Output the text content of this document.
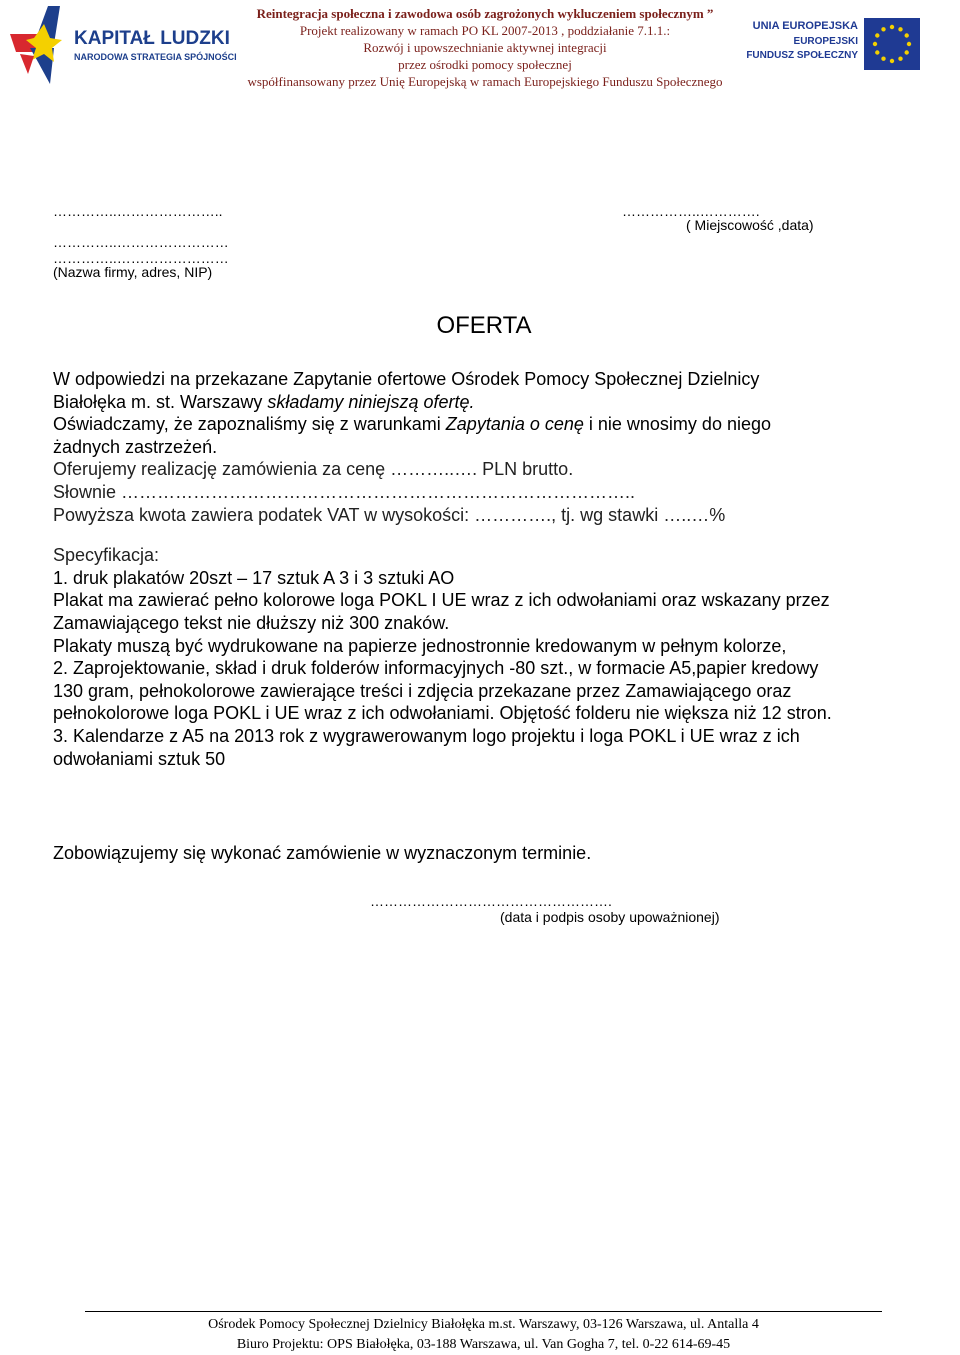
KAPITAŁ LUDZKI
NARODOWA STRATEGIA SPÓJNOŚCI
Reintegracja społeczna i zawodowa osób zagrożonych wykluczeniem społecznym ”
Projekt realizowany w ramach PO KL 2007-2013 , poddziałanie 7.1.1.:
Rozwój i upowszechnianie aktywnej integracji
przez ośrodki pomocy społecznej
współfinansowany przez Unię Europejską w ramach Europejskiego Funduszu Społecznego
UNIA EUROPEJSKA
EUROPEJSKI
FUNDUSZ SPOŁECZNY
…………..…………………..
…………..……………………
…………..……………………
(Nazwa firmy, adres, NIP)
……………..………….
( Miejscowość ,data)
OFERTA
W odpowiedzi na przekazane Zapytanie ofertowe Ośrodek Pomocy Społecznej Dzielnicy
Białołęka m. st. Warszawy składamy niniejszą ofertę.
Oświadczamy, że zapoznaliśmy się z warunkami Zapytania o cenę i nie wnosimy do niego
żadnych zastrzeżeń.
Oferujemy realizację zamówienia za cenę ………..…. PLN brutto.
Słownie …………………………………………………………………………..
Powyższa kwota zawiera podatek VAT w wysokości: …………., tj. wg stawki …..…%
Specyfikacja:
1. druk plakatów 20szt – 17 sztuk A 3 i 3 sztuki AO
Plakat ma zawierać pełno kolorowe loga POKL I UE wraz z ich odwołaniami oraz wskazany przez
Zamawiającego tekst nie dłuższy niż 300 znaków.
Plakaty muszą być wydrukowane na papierze jednostronnie kredowanym w pełnym kolorze,
2. Zaprojektowanie, skład i druk folderów informacyjnych -80 szt., w formacie A5,papier kredowy
130 gram, pełnokolorowe zawierające treści i zdjęcia przekazane przez Zamawiającego oraz
pełnokolorowe loga POKL i UE wraz z ich odwołaniami. Objętość folderu nie większa niż 12 stron.
3. Kalendarze z A5 na 2013 rok z wygrawerowanym logo projektu i loga POKL i UE wraz z ich
odwołaniami sztuk 50
Zobowiązujemy się wykonać zamówienie w wyznaczonym terminie.
…………………………………………….
(data i podpis osoby upoważnionej)
Ośrodek Pomocy Społecznej Dzielnicy Białołęka m.st. Warszawy, 03-126 Warszawa, ul. Antalla 4
Biuro Projektu: OPS Białołęka, 03-188 Warszawa, ul. Van Gogha 7, tel. 0-22 614-69-45
